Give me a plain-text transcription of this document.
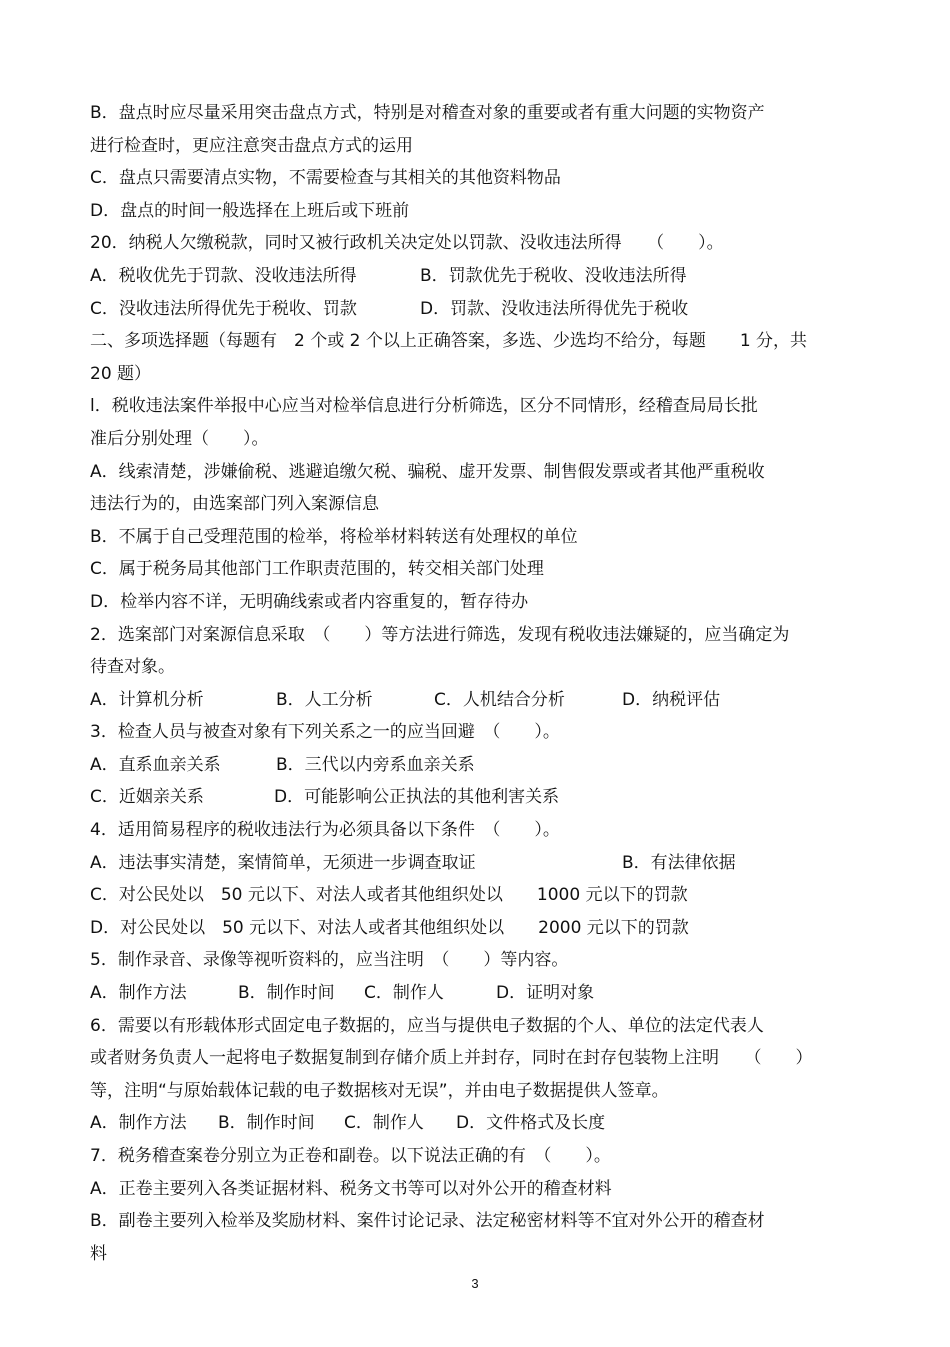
B．盘点时应尽量采用突击盘点方式，特别是对稽查对象的重要或者有重大问题的实物资产
进行检查时，更应注意突击盘点方式的运用
C．盘点只需要清点实物，不需要检查与其相关的其他资料物品
D．盘点的时间一般选择在上班后或下班前
20．纳税人欠缴税款，同时又被行政机关决定处以罚款、没收违法所得　　（　　）。
A．税收优先于罚款、没收违法所得	B．罚款优先于税收、没收违法所得
C．没收违法所得优先于税收、罚款	D．罚款、没收违法所得优先于税收
二、多项选择题（每题有　2 个或 2 个以上正确答案，多选、少选均不给分，每题　　1 分，共
20 题）
l．税收违法案件举报中心应当对检举信息进行分析筛选，区分不同情形，经稽查局局长批
准后分别处理（　　）。
A．线索清楚，涉嫌偷税、逃避追缴欠税、骗税、虚开发票、制售假发票或者其他严重税收
违法行为的，由选案部门列入案源信息
B．不属于自己受理范围的检举，将检举材料转送有处理权的单位
C．属于税务局其他部门工作职责范围的，转交相关部门处理
D．检举内容不详，无明确线索或者内容重复的，暂存待办
2．选案部门对案源信息采取　（　　）等方法进行筛选，发现有税收违法嫌疑的，应当确定为
待查对象。
A．计算机分析	B．人工分析	C．人机结合分析	D．纳税评估
3．检查人员与被查对象有下列关系之一的应当回避　（　　）。
A．直系血亲关系	B．三代以内旁系血亲关系
C．近姻亲关系	D．可能影响公正执法的其他利害关系
4．适用简易程序的税收违法行为必须具备以下条件　（　　）。
A．违法事实清楚，案情简单，无须进一步调查取证	B．有法律依据
C．对公民处以　50 元以下、对法人或者其他组织处以　　1000 元以下的罚款
D．对公民处以　50 元以下、对法人或者其他组织处以　　2000 元以下的罚款
5．制作录音、录像等视听资料的，应当注明　（　　）等内容。
A．制作方法	B．制作时间 C．制作人	D．证明对象
6．需要以有形载体形式固定电子数据的，应当与提供电子数据的个人、单位的法定代表人
或者财务负责人一起将电子数据复制到存储介质上并封存，同时在封存包装物上注明　　（　　）
等，注明“与原始载体记载的电子数据核对无误”，并由电子数据提供人签章。
A．制作方法 B．制作时间 C．制作人 D．文件格式及长度
7．税务稽查案卷分别立为正卷和副卷。以下说法正确的有　（　　）。
A．正卷主要列入各类证据材料、税务文书等可以对外公开的稽查材料
B．副卷主要列入检举及奖励材料、案件讨论记录、法定秘密材料等不宜对外公开的稽查材
料
3
